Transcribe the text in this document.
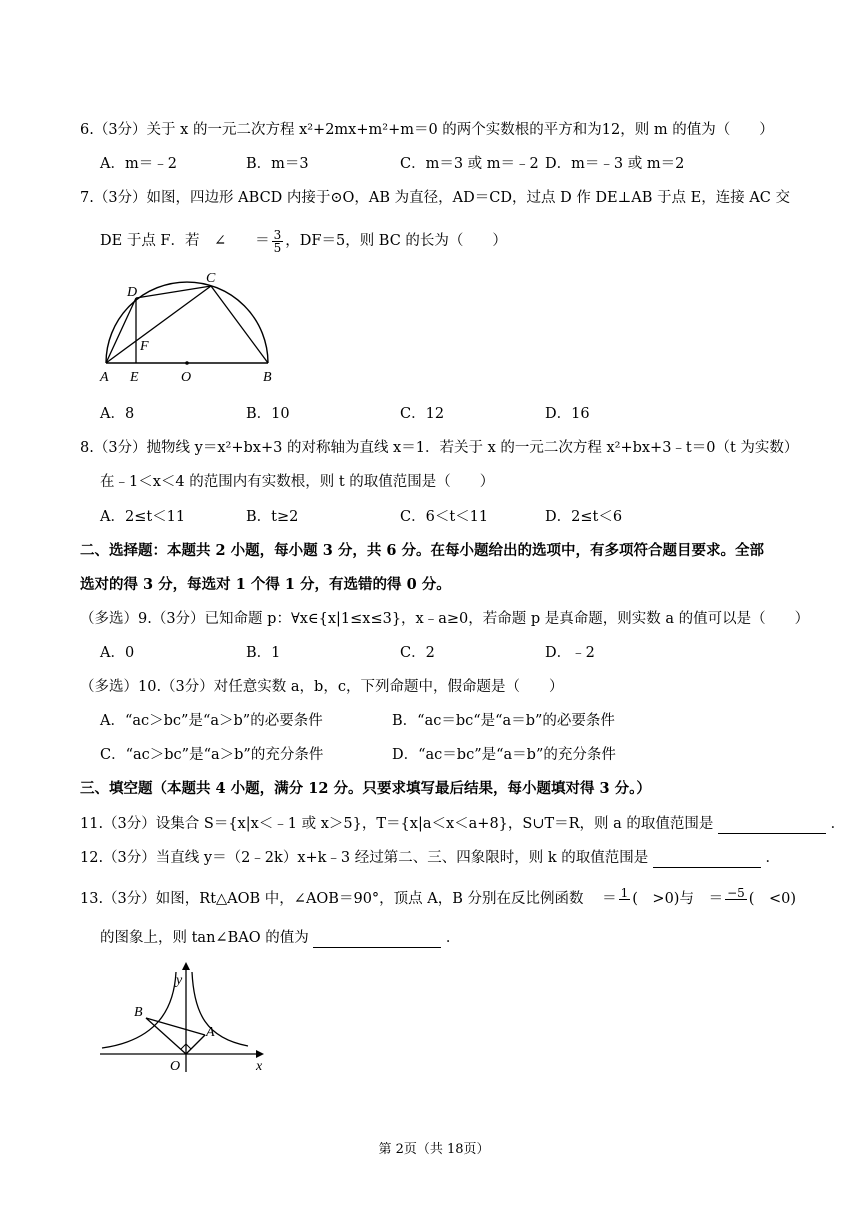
6.（3分）关于 x 的一元二次方程 x²+2mx+m²+m＝0 的两个实数根的平方和为12，则 m 的值为（　　）
A．m＝﹣2	B．m＝3	C．m＝3 或 m＝﹣2 D．m＝﹣3 或 m＝2
7.（3分）如图，四边形 ABCD 内接于⊙O，AB 为直径，AD＝CD，过点 D 作 DE⊥AB 于点 E，连接 AC 交
DE 于点 F．若　∠　　＝ $\frac{3}{5}$ ，DF＝5，则 BC 的长为（　　）
A E	O	B
D
C
F
A．8	B．10	C．12	D．16
8.（3分）抛物线 y＝x²+bx+3 的对称轴为直线 x＝1．若关于 x 的一元二次方程 x²+bx+3﹣t＝0（t 为实数）
在﹣1＜x＜4 的范围内有实数根，则 t 的取值范围是（　　）
A．2≤t＜11	B．t≥2	C．6＜t＜11	D．2≤t＜6
二、选择题：本题共 2 小题，每小题 3 分，共 6 分。在每小题给出的选项中，有多项符合题目要求。全部
选对的得 3 分，每选对 1 个得 1 分，有选错的得 0 分。
（多选）9.（3分）已知命题 p：∀x∈{x|1≤x≤3}，x﹣a≥0，若命题 p 是真命题，则实数 a 的值可以是（　　）
A．0	B．1	C．2	D．﹣2
（多选）10.（3分）对任意实数 a，b，c，下列命题中，假命题是（　　）
A．“ac＞bc”是“a＞b”的必要条件	B．“ac＝bc“是“a＝b”的必要条件
C．“ac＞bc”是“a＞b”的充分条件	D．“ac＝bc”是“a＝b”的充分条件
三、填空题（本题共 4 小题，满分 12 分。只要求填写最后结果，每小题填对得 3 分。）
11.（3分）设集合 S＝{x|x＜﹣1 或 x＞5}，T＝{x|a＜x＜a+8}，S∪T＝R，则 a 的取值范围是	．
12.（3分）当直线 y＝（2﹣2k）x+k﹣3 经过第二、三、四象限时，则 k 的取值范围是	．
13.（3分）如图，Rt△AOB 中，∠AOB＝90°，顶点 A，B 分别在反比例函数 ＝ 1
(　>0)与 ＝ −5
(　<0)
的图象上，则 tan∠BAO 的值为	．
y
x
O
A
B
第 2页（共 18页）
